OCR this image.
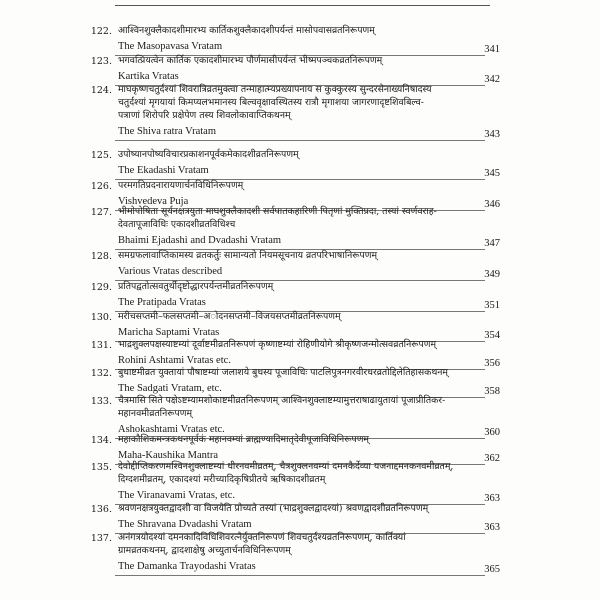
122. आश्विनशुक्लैकादशीमारभ्य कार्तिकशुक्लैकादशीपर्यन्तं मासोपवासव्रतनिरूपणम्
The Masopavasa Vratam	341
123. भगवत्प्रियत्वेन कार्तिक एकादशीमारभ्य पौर्णमासीपर्यन्तं भीष्मपञ्चकव्रतनिरूपणम्
Kartika Vratas	342
124. माघकृष्णचतुर्दश्यां शिवरात्रिव्रतमुक्त्वा तन्माहात्म्यप्रख्यापनाय स कुक्कुरस्य सुन्दरसेनाख्यनिषादस्य
चतुर्दश्यां मृगयायां किमप्यलभमानस्य बिल्ववृक्षावस्थितस्य रात्रौ मृगाशया जागरणादृष्टशिवबिल्व-
पत्राणां शिरोपरि प्रक्षेपेण तस्य शिवलोकावाप्तिकथनम्
The Shiva ratra Vratam	343
125. उपोष्यानपोष्यविचारप्रकाशनपूर्वकमेकादशीव्रतनिरूपणम्
The Ekadashi Vratam	345
126. परमगतिप्रदनारायणार्चनविधिनिरूपणम्
Vishvedeva Puja	346
127. भीमोपोषिता सूर्यनक्षत्रयुता माघशुक्लैकादशी सर्वपातकहारिणी पितृणां मुक्तिप्रदा, तस्यां स्वर्णवराह-
देवतापूजाविधिः एकादशीव्रतविधिश्च
Bhaimi Ejadashi and Dvadashi Vratam	347
128. समग्रफलावाप्तिकामस्य व्रतकर्तुः सामान्यतो नियमसूचनाय व्रतपरिभाषानिरूपणम्
Various Vratas described	349
129. प्रतिपद्वतोत्सवतुर्थीदृष्टोद्धारपर्यन्तमीव्रतनिरूपणम्
The Pratipada Vratas	351
130. मरीचसप्तमी–फलसप्तमी–अोदनसप्तमी–विजयसप्तमीव्रतनिरूपणम्
Maricha Saptami Vratas	354
131. भाद्रशुक्लपक्षस्याष्टम्यां दूर्वाष्टमीव्रतनिरूपणं कृष्णाष्टम्यां रोहिणीयोगे श्रीकृष्णजन्मोत्सवव्रतनिरूपणम्
Rohini Ashtami Vratas etc.	356
132. बुधाष्टमीव्रत युक्तायां पौषाष्टम्यां जलाशये बुधस्य पूजाविधिः पाटलिपुत्रनगरवीरधरव्रतोद्दिलेतिहासकथनम्
The Sadgati Vratam, etc.	358
133. चैत्रमासि सिते पक्षेऽष्टम्यामशोकाष्टमीव्रतनिरूपणम् आश्विनशुक्लाष्टम्यामुत्तराषाढायुतायां पूजाप्रीतिकर-
महानवमीव्रतनिरूपणम्
Ashokashtami Vratas etc.	360
134. महाकौशिकमन्त्रकथनपूर्वकं महानवम्यां ब्राह्मण्यादिमातृदेवीपूजाविधिनिरूपणम्
Maha-Kaushika Mantra	362
135. देवोद्दीप्तिकरणमश्विनशुक्लाष्टम्यां धीरनवमीव्रतम्, चैत्रशुक्लनवम्यां दमनकैर्देव्या यजनाद्दमनकनवमीव्रतम्,
दिग्दशमीव्रतम्, एकादश्यां मरीच्यादिकृषिप्रीतये ऋषिकादशीव्रतम्
The Viranavami Vratas, etc.	363
136. श्रवणनक्षत्रयुक्तद्वादशी वा विजयेति प्रोच्यते तस्यां (भाद्रशुक्लद्वादश्यां) श्रवणद्वादशीव्रतनिरूपणम्
The Shravana Dvadashi Vratam	363
137. अनंगत्रयोदश्यां दमनकादिविधिशिवरत्नैर्युक्तनिरूपणं शिवचतुर्दश्यव्रतनिरूपणम्, कार्तिक्यां
ग्रामव्रतकथनम्, द्वादशाक्षेषु अच्युतार्चनविधिनिरूपणम्
The Damanka Trayodashi Vratas	365
